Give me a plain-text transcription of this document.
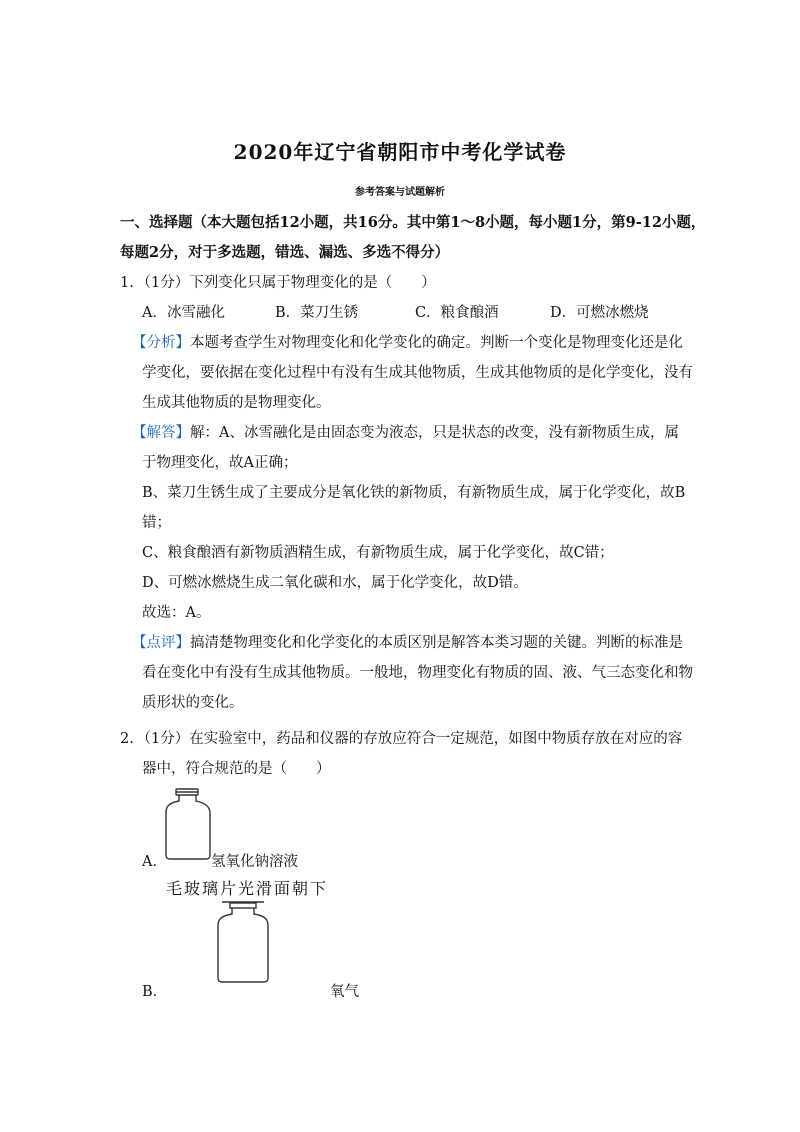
2020年辽宁省朝阳市中考化学试卷
参考答案与试题解析
一、选择题（本大题包括12小题，共16分。其中第1～8小题，每小题1分，第9-12小题，
每题2分，对于多选题，错选、漏选、多选不得分）
1．（1分）下列变化只属于物理变化的是（　　）
A．冰雪融化	B．菜刀生锈	C．粮食酿酒	D．可燃冰燃烧
【分析】本题考查学生对物理变化和化学变化的确定。判断一个变化是物理变化还是化
学变化，要依据在变化过程中有没有生成其他物质，生成其他物质的是化学变化，没有
生成其他物质的是物理变化。
【解答】解：A、冰雪融化是由固态变为液态，只是状态的改变，没有新物质生成，属
于物理变化，故A正确；
B、菜刀生锈生成了主要成分是氧化铁的新物质，有新物质生成，属于化学变化，故B
错；
C、粮食酿酒有新物质酒精生成，有新物质生成，属于化学变化，故C错；
D、可燃冰燃烧生成二氧化碳和水，属于化学变化，故D错。
故选：A。
【点评】搞清楚物理变化和化学变化的本质区别是解答本类习题的关键。判断的标准是
看在变化中有没有生成其他物质。一般地，物理变化有物质的固、液、气三态变化和物
质形状的变化。
2．（1分）在实验室中，药品和仪器的存放应符合一定规范，如图中物质存放在对应的容
器中，符合规范的是（　　）
A．	氢氧化钠溶液
毛玻璃片光滑面朝下
B．	氧气
